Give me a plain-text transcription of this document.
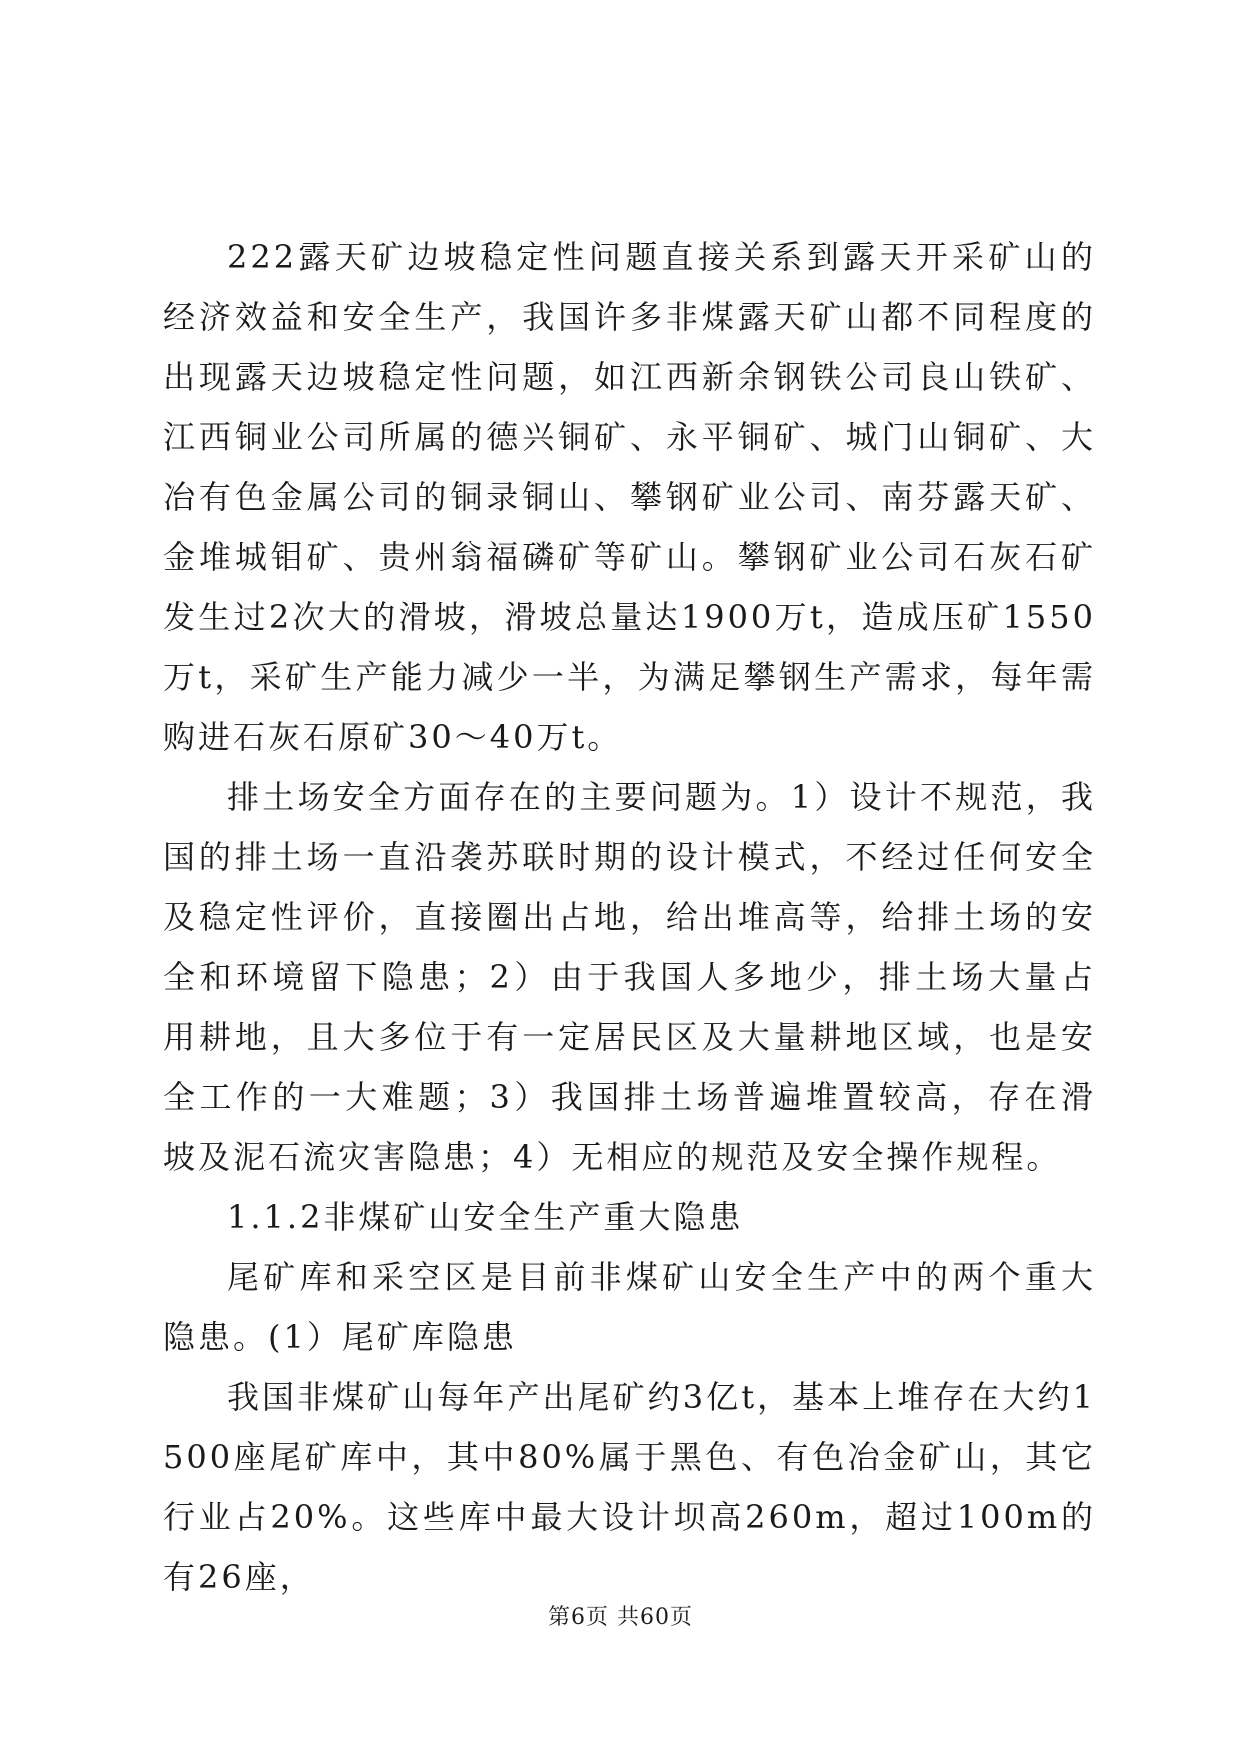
222露天矿边坡稳定性问题直接关系到露天开采矿山的经济效益和安全生产，我国许多非煤露天矿山都不同程度的出现露天边坡稳定性问题，如江西新余钢铁公司良山铁矿、江西铜业公司所属的德兴铜矿、永平铜矿、城门山铜矿、大冶有色金属公司的铜录铜山、攀钢矿业公司、南芬露天矿、金堆城钼矿、贵州翁福磷矿等矿山。攀钢矿业公司石灰石矿发生过2次大的滑坡，滑坡总量达1900万t，造成压矿1550万t，采矿生产能力减少一半，为满足攀钢生产需求，每年需购进石灰石原矿30～40万t。

排土场安全方面存在的主要问题为。1）设计不规范，我国的排土场一直沿袭苏联时期的设计模式，不经过任何安全及稳定性评价，直接圈出占地，给出堆高等，给排土场的安全和环境留下隐患；2）由于我国人多地少，排土场大量占用耕地，且大多位于有一定居民区及大量耕地区域，也是安全工作的一大难题；3）我国排土场普遍堆置较高，存在滑坡及泥石流灾害隐患；4）无相应的规范及安全操作规程。

1.1.2非煤矿山安全生产重大隐患

尾矿库和采空区是目前非煤矿山安全生产中的两个重大隐患。(1）尾矿库隐患

我国非煤矿山每年产出尾矿约3亿t，基本上堆存在大约1500座尾矿库中，其中80%属于黑色、有色冶金矿山，其它行业占20%。这些库中最大设计坝高260m，超过100m的有26座，

第6页 共60页
